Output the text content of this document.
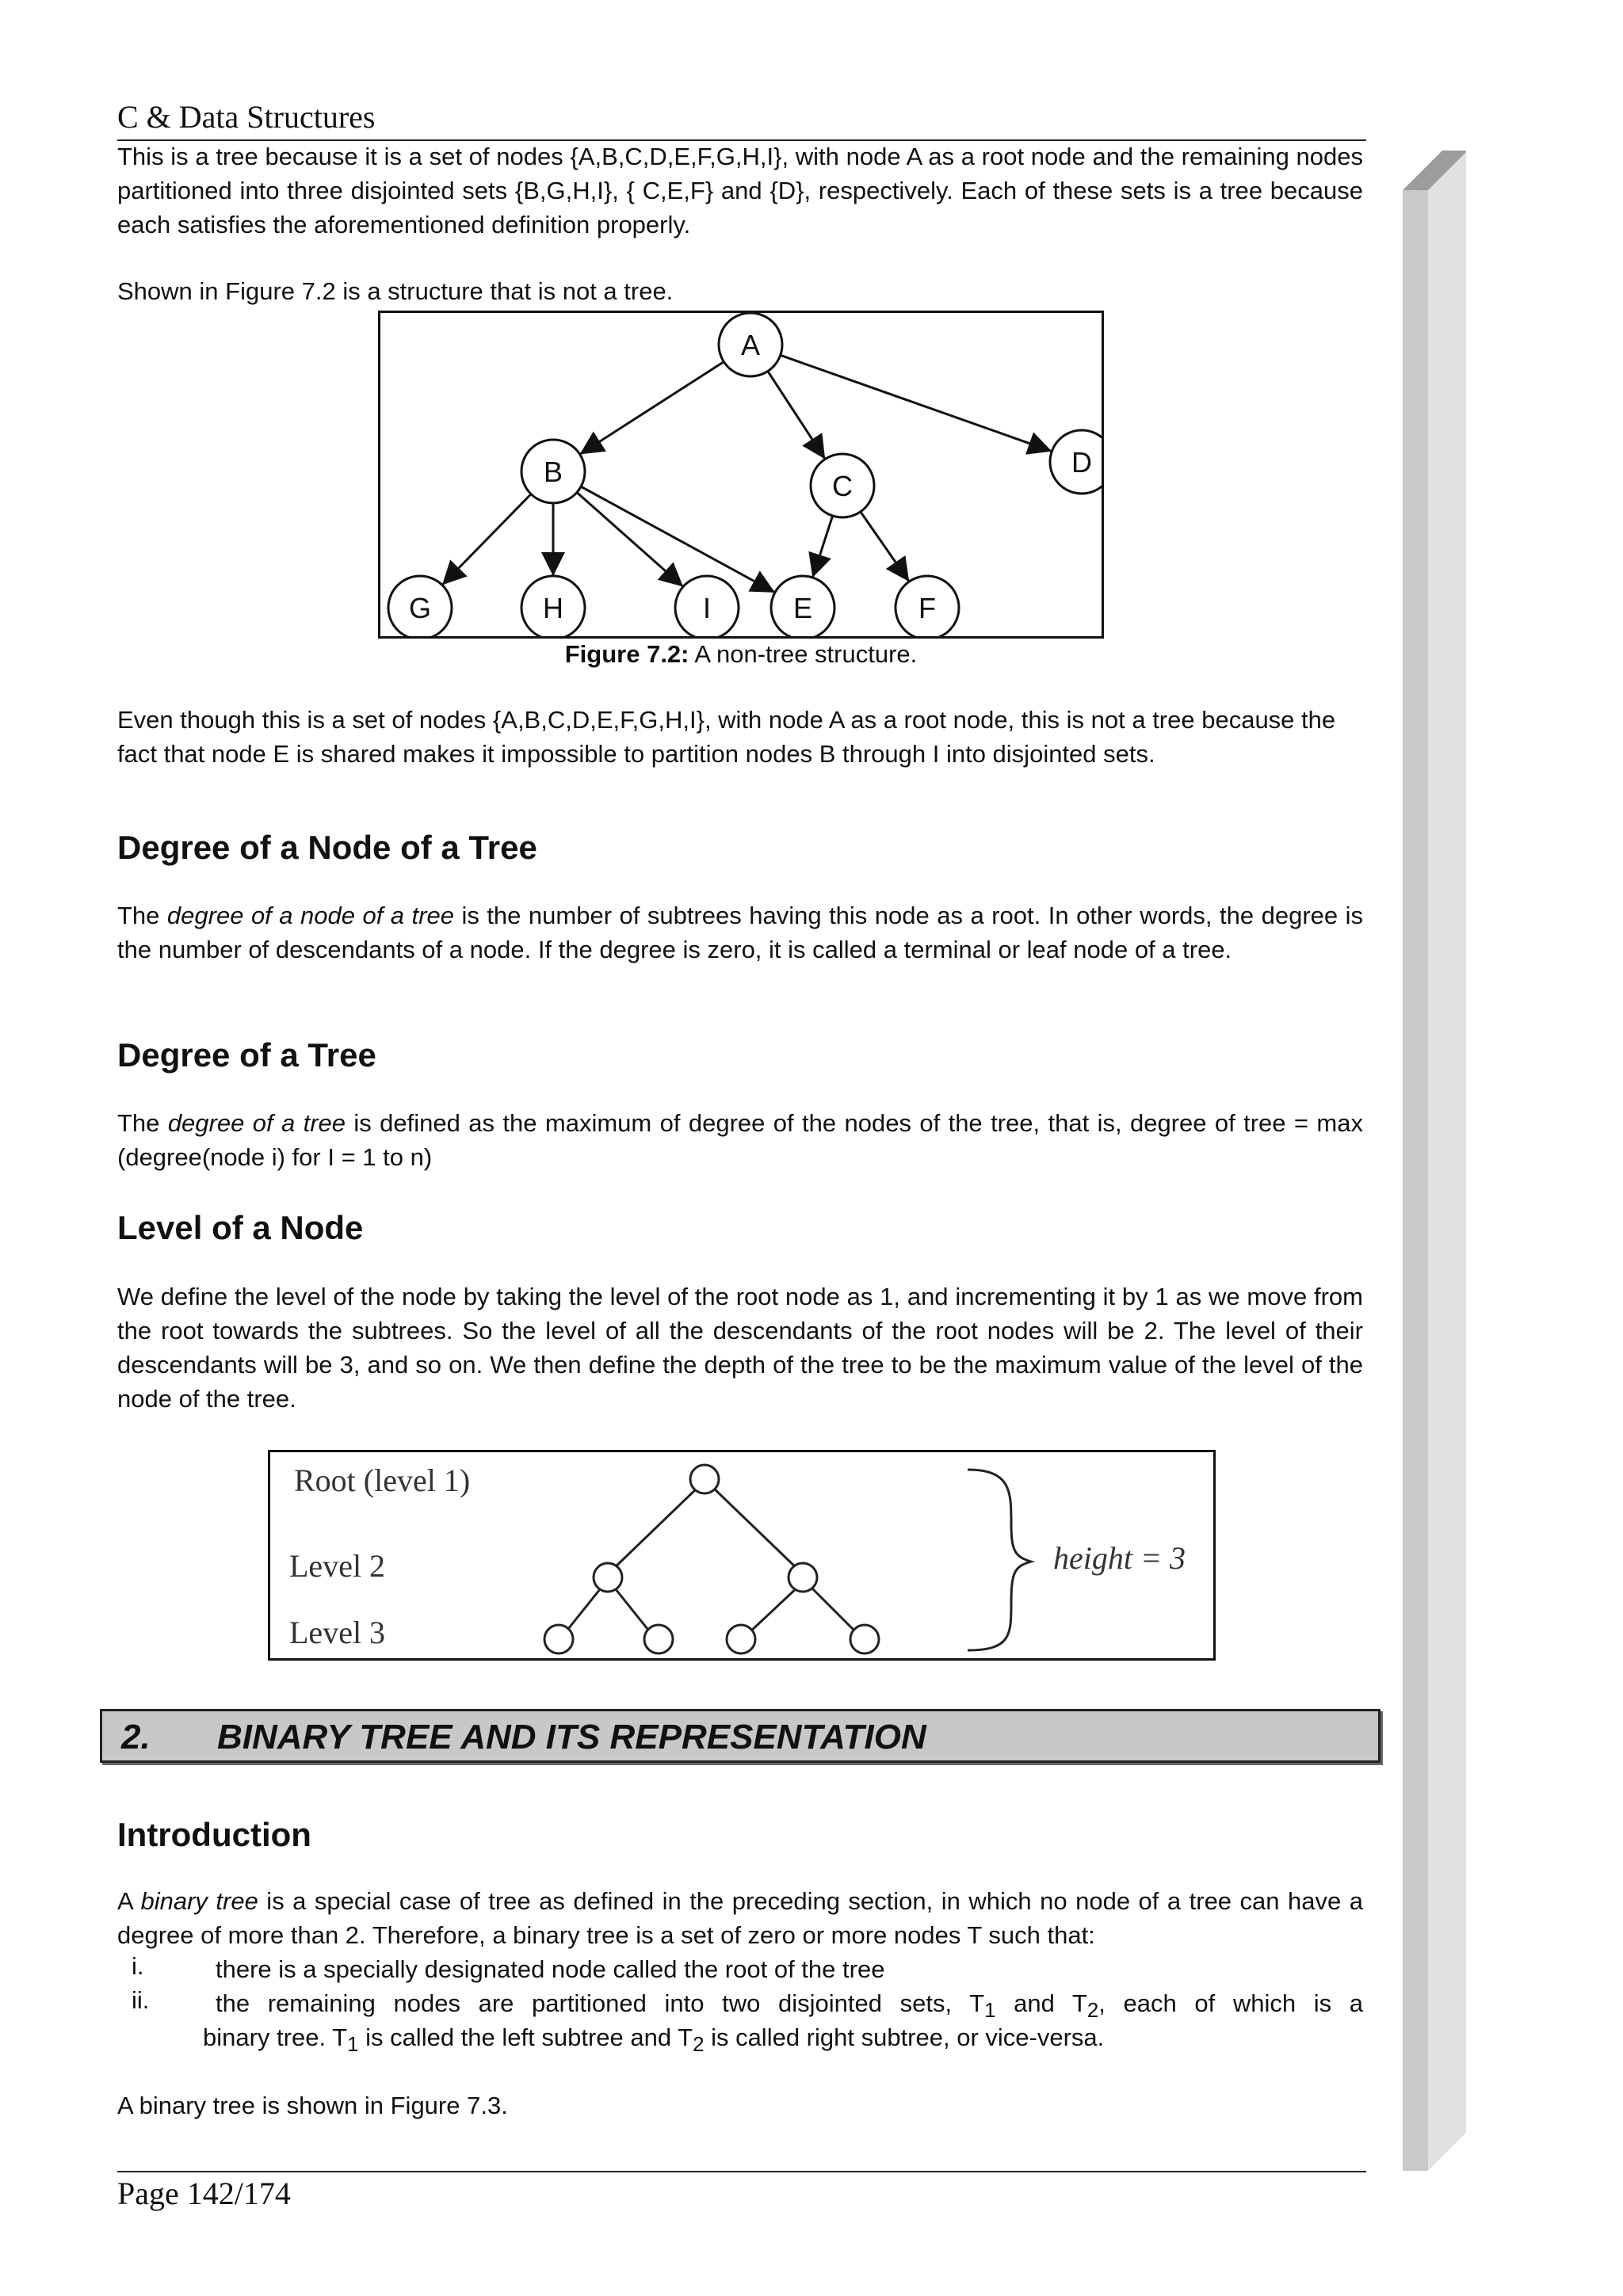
C & Data Structures
This is a tree because it is a set of nodes {A,B,C,D,E,F,G,H,I}, with node A as a root node and the remaining nodes partitioned into three disjointed sets {B,G,H,I}, { C,E,F} and {D}, respectively. Each of these sets is a tree because each satisfies the aforementioned definition properly.
Shown in Figure 7.2 is a structure that is not a tree.
A
B	C
D
G	H	I	E	F
Figure 7.2: A non-tree structure.
Even though this is a set of nodes {A,B,C,D,E,F,G,H,I}, with node A as a root node, this is not a tree because the fact that node E is shared makes it impossible to partition nodes B through I into disjointed sets.
Degree of a Node of a Tree
The degree of a node of a tree is the number of subtrees having this node as a root. In other words, the degree is the number of descendants of a node. If the degree is zero, it is called a terminal or leaf node of a tree.
Degree of a Tree
The degree of a tree is defined as the maximum of degree of the nodes of the tree, that is, degree of tree = max (degree(node i) for I = 1 to n)
Level of a Node
We define the level of the node by taking the level of the root node as 1, and incrementing it by 1 as we move from the root towards the subtrees. So the level of all the descendants of the root nodes will be 2. The level of their descendants will be 3, and so on. We then define the depth of the tree to be the maximum value of the level of the node of the tree.
Root (level 1)
Level 2
Level 3
height = 3
2. BINARY TREE AND ITS REPRESENTATION
Introduction
A binary tree is a special case of tree as defined in the preceding section, in which no node of a tree can have a degree of more than 2. Therefore, a binary tree is a set of zero or more nodes T such that:
i.	there is a specially designated node called the root of the tree
ii.	the remaining nodes are partitioned into two disjointed sets, $T_1$ and $T_2$, each of which is a
binary tree. $T_1$ is called the left subtree and $T_2$ is called right subtree, or vice-versa.
A binary tree is shown in Figure 7.3.
Page 142/174
